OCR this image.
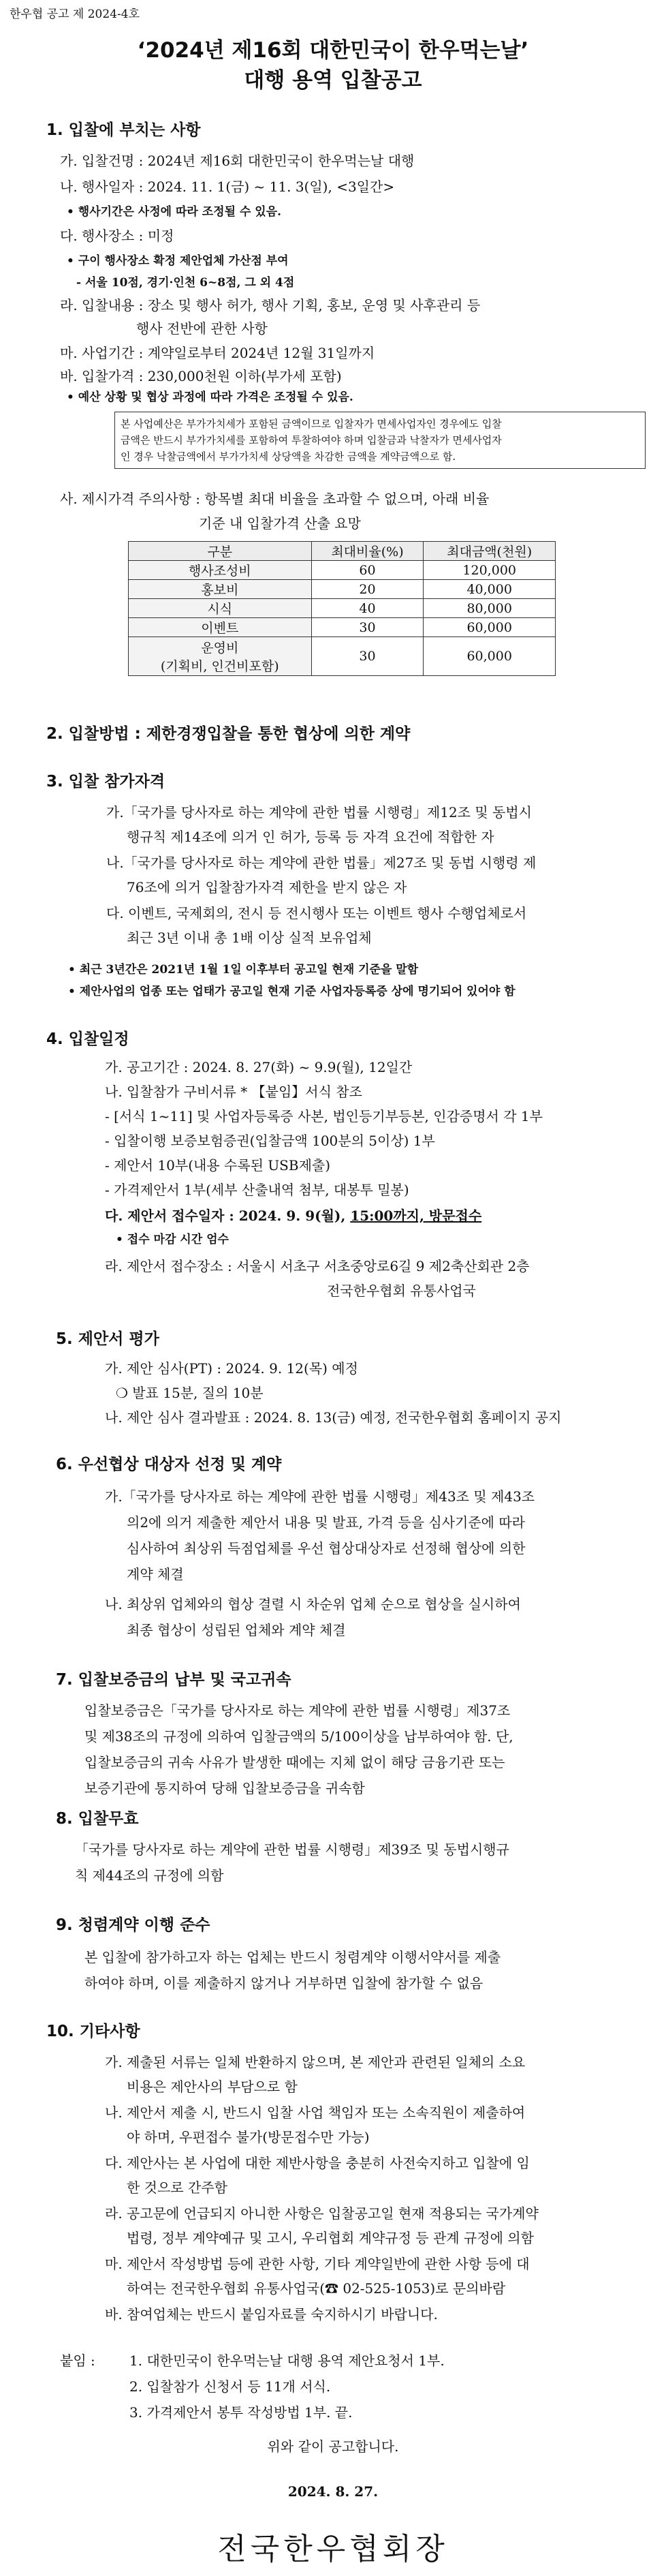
한우협 공고 제 2024-4호
‘2024년 제16회 대한민국이 한우먹는날’
대행 용역 입찰공고
1. 입찰에 부치는 사항
가. 입찰건명 : 2024년 제16회 대한민국이 한우먹는날 대행
나. 행사일자 : 2024. 11. 1(금) ~ 11. 3(일), <3일간>
• 행사기간은 사정에 따라 조정될 수 있음.
다. 행사장소 : 미정
• 구이 행사장소 확정 제안업체 가산점 부여
- 서울 10점, 경기·인천 6~8점, 그 외 4점
라. 입찰내용 : 장소 및 행사 허가, 행사 기획, 홍보, 운영 및 사후관리 등
행사 전반에 관한 사항
마. 사업기간 : 계약일로부터 2024년 12월 31일까지
바. 입찰가격 : 230,000천원 이하(부가세 포함)
• 예산 상황 및 협상 과정에 따라 가격은 조정될 수 있음.
본 사업예산은 부가가치세가 포함된 금액이므로 입찰자가 면세사업자인 경우에도 입찰
금액은 반드시 부가가치세를 포함하여 투찰하여야 하며 입찰금과 낙찰자가 면세사업자
인 경우 낙찰금액에서 부가가치세 상당액을 차감한 금액을 계약금액으로 함.
사. 제시가격 주의사항 : 항목별 최대 비율을 초과할 수 없으며, 아래 비율
기준 내 입찰가격 산출 요망
구분	최대비율(%)	최대금액(천원)
행사조성비	60	120,000
홍보비	20	40,000
시식	40	80,000
이벤트	30	60,000

운영비
(기획비, 인건비포함)	30	60,000
2. 입찰방법 : 제한경쟁입찰을 통한 협상에 의한 계약
3. 입찰 참가자격
가.「국가를 당사자로 하는 계약에 관한 법률 시행령」제12조 및 동법시
행규칙 제14조에 의거 인 허가, 등록 등 자격 요건에 적합한 자
나.「국가를 당사자로 하는 계약에 관한 법률」제27조 및 동법 시행령 제
76조에 의거 입찰참가자격 제한을 받지 않은 자
다. 이벤트, 국제회의, 전시 등 전시행사 또는 이벤트 행사 수행업체로서
최근 3년 이내 총 1배 이상 실적 보유업체
• 최근 3년간은 2021년 1월 1일 이후부터 공고일 현재 기준을 말함
• 제안사업의 업종 또는 업태가 공고일 현재 기준 사업자등록증 상에 명기되어 있어야 함
4. 입찰일정
가. 공고기간 : 2024. 8. 27(화) ~ 9.9(월), 12일간
나. 입찰참가 구비서류 * 【붙임】서식 참조
- [서식 1~11] 및 사업자등록증 사본, 법인등기부등본, 인감증명서 각 1부
- 입찰이행 보증보험증권(입찰금액 100분의 5이상) 1부
- 제안서 10부(내용 수록된 USB제출)
- 가격제안서 1부(세부 산출내역 첨부, 대봉투 밀봉)
다. 제안서 접수일자 : 2024. 9. 9(월), 15:00까지, 방문접수
• 접수 마감 시간 엄수
라. 제안서 접수장소 : 서울시 서초구 서초중앙로6길 9 제2축산회관 2층
전국한우협회 유통사업국
5. 제안서 평가
가. 제안 심사(PT) : 2024. 9. 12(목) 예정
❍ 발표 15분, 질의 10분
나. 제안 심사 결과발표 : 2024. 8. 13(금) 예정, 전국한우협회 홈페이지 공지
6. 우선협상 대상자 선정 및 계약
가.「국가를 당사자로 하는 계약에 관한 법률 시행령」제43조 및 제43조
의2에 의거 제출한 제안서 내용 및 발표, 가격 등을 심사기준에 따라
심사하여 최상위 득점업체를 우선 협상대상자로 선정해 협상에 의한
계약 체결
나. 최상위 업체와의 협상 결렬 시 차순위 업체 순으로 협상을 실시하여
최종 협상이 성립된 업체와 계약 체결
7. 입찰보증금의 납부 및 국고귀속
입찰보증금은「국가를 당사자로 하는 계약에 관한 법률 시행령」제37조
및 제38조의 규정에 의하여 입찰금액의 5/100이상을 납부하여야 함. 단,
입찰보증금의 귀속 사유가 발생한 때에는 지체 없이 해당 금융기관 또는
보증기관에 통지하여 당해 입찰보증금을 귀속함
8. 입찰무효
「국가를 당사자로 하는 계약에 관한 법률 시행령」제39조 및 동법시행규
칙 제44조의 규정에 의함
9. 청렴계약 이행 준수
본 입찰에 참가하고자 하는 업체는 반드시 청렴계약 이행서약서를 제출
하여야 하며, 이를 제출하지 않거나 거부하면 입찰에 참가할 수 없음
10. 기타사항
가. 제출된 서류는 일체 반환하지 않으며, 본 제안과 관련된 일체의 소요
비용은 제안사의 부담으로 함
나. 제안서 제출 시, 반드시 입찰 사업 책임자 또는 소속직원이 제출하여
야 하며, 우편접수 불가(방문접수만 가능)
다. 제안사는 본 사업에 대한 제반사항을 충분히 사전숙지하고 입찰에 임
한 것으로 간주함
라. 공고문에 언급되지 아니한 사항은 입찰공고일 현재 적용되는 국가계약
법령, 정부 계약예규 및 고시, 우리협회 계약규정 등 관계 규정에 의함
마. 제안서 작성방법 등에 관한 사항, 기타 계약일반에 관한 사항 등에 대
하여는 전국한우협회 유통사업국(☎ 02-525-1053)로 문의바람
바. 참여업체는 반드시 붙임자료를 숙지하시기 바랍니다.
붙임 :	1. 대한민국이 한우먹는날 대행 용역 제안요청서 1부.
2. 입찰참가 신청서 등 11개 서식.
3. 가격제안서 봉투 작성방법 1부. 끝.
위와 같이 공고합니다.
2024. 8. 27.
전국한우협회장
